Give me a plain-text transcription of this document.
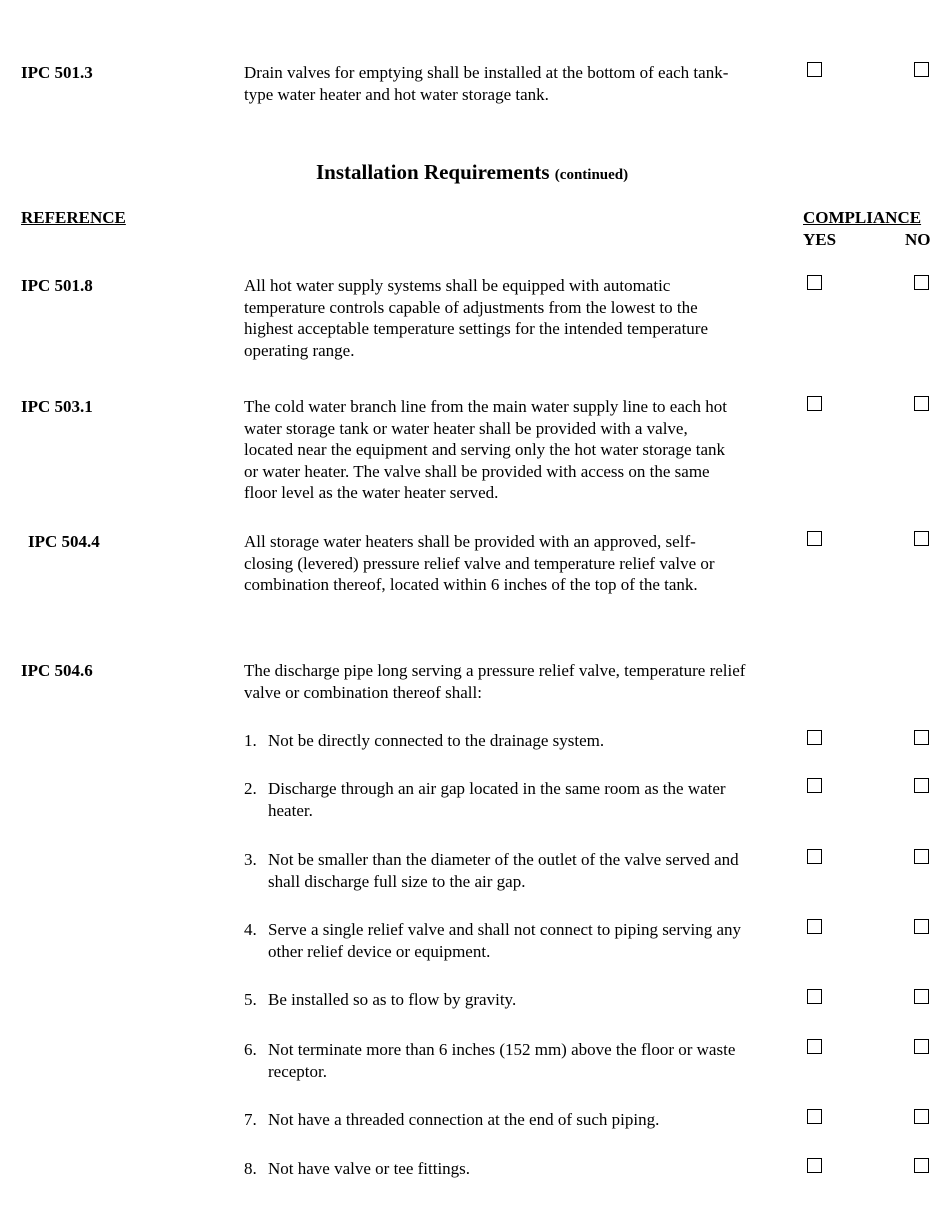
IPC 501.3	Drain valves for emptying shall be installed at the bottom of each tank-type water heater and hot water storage tank.
Installation Requirements (continued)
REFERENCE	COMPLIANCE
YES	NO
IPC 501.8	All hot water supply systems shall be equipped with automatic temperature controls capable of adjustments from the lowest to the highest acceptable temperature settings for the intended temperature operating range.
IPC 503.1	The cold water branch line from the main water supply line to each hot water storage tank or water heater shall be provided with a valve, located near the equipment and serving only the hot water storage tank or water heater. The valve shall be provided with access on the same floor level as the water heater served.
IPC 504.4	All storage water heaters shall be provided with an approved, self-closing (levered) pressure relief valve and temperature relief valve or combination thereof, located within 6 inches of the top of the tank.
IPC 504.6	The discharge pipe long serving a pressure relief valve, temperature relief valve or combination thereof shall:
1. Not be directly connected to the drainage system.
2. Discharge through an air gap located in the same room as the water heater.
3. Not be smaller than the diameter of the outlet of the valve served and shall discharge full size to the air gap.
4. Serve a single relief valve and shall not connect to piping serving any other relief device or equipment.
5. Be installed so as to flow by gravity.
6. Not terminate more than 6 inches (152 mm) above the floor or waste receptor.
7. Not have a threaded connection at the end of such piping.
8. Not have valve or tee fittings.
